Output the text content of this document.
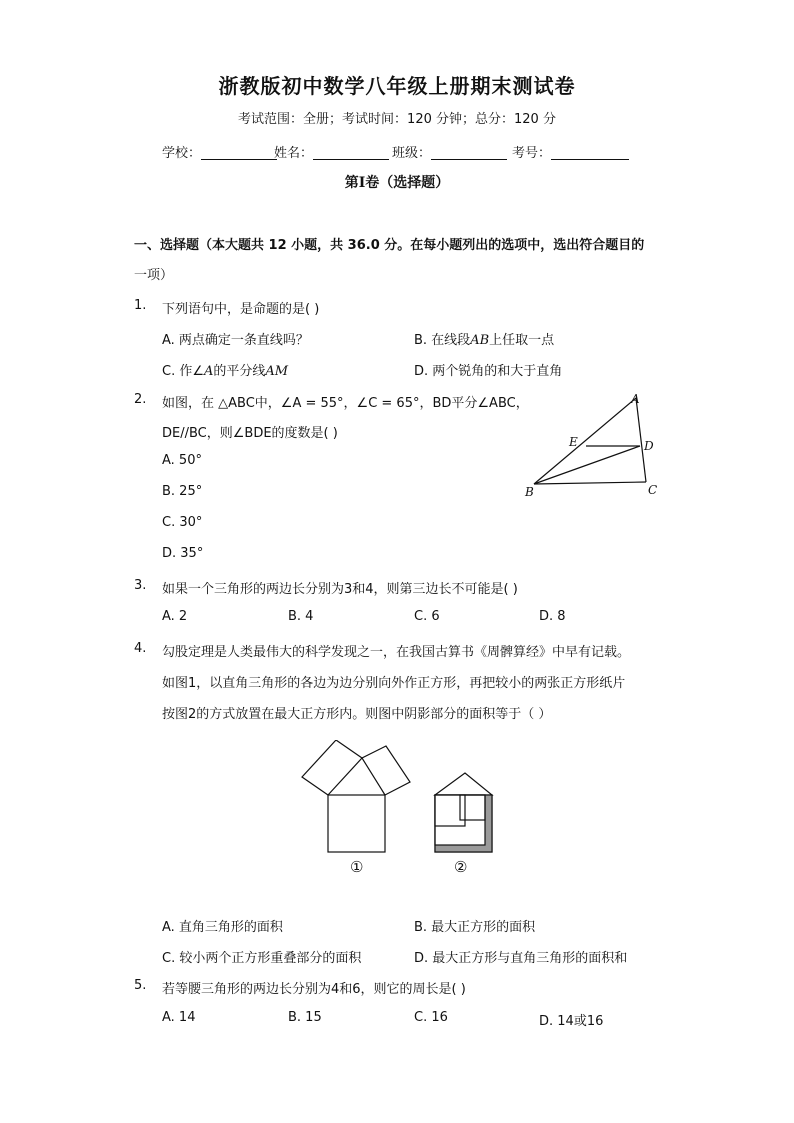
浙教版初中数学八年级上册期末测试卷
考试范围：全册；考试时间：120 分钟；总分：120 分
学校：	姓名：	班级：	考号：
第Ⅰ卷（选择题）
一、选择题（本大题共 12 小题，共 36.0 分。在每小题列出的选项中，选出符合题目的
一项）
1. 下列语句中，是命题的是( )
A. 两点确定一条直线吗？	B. 在线段AB上任取一点
C. 作∠A的平分线AM	D. 两个锐角的和大于直角
2. 如图，在 △ABC中，∠A = 55°，∠C = 65°，BD平分∠ABC，
DE//BC，则∠BDE的度数是( )
A. 50°
B. 25°
C. 30°
D. 35°
A
B	C
D
E
3. 如果一个三角形的两边长分别为3和4，则第三边长不可能是( )
A. 2	B. 4	C. 6	D. 8
4. 勾股定理是人类最伟大的科学发现之一，在我国古算书《周髀算经》中早有记载。
如图1，以直角三角形的各边为边分别向外作正方形，再把较小的两张正方形纸片
按图2的方式放置在最大正方形内。则图中阴影部分的面积等于（ ）
①	②
A. 直角三角形的面积	B. 最大正方形的面积
C. 较小两个正方形重叠部分的面积	D. 最大正方形与直角三角形的面积和
5. 若等腰三角形的两边长分别为4和6，则它的周长是( )
A. 14	B. 15	C. 16	D. 14或16
